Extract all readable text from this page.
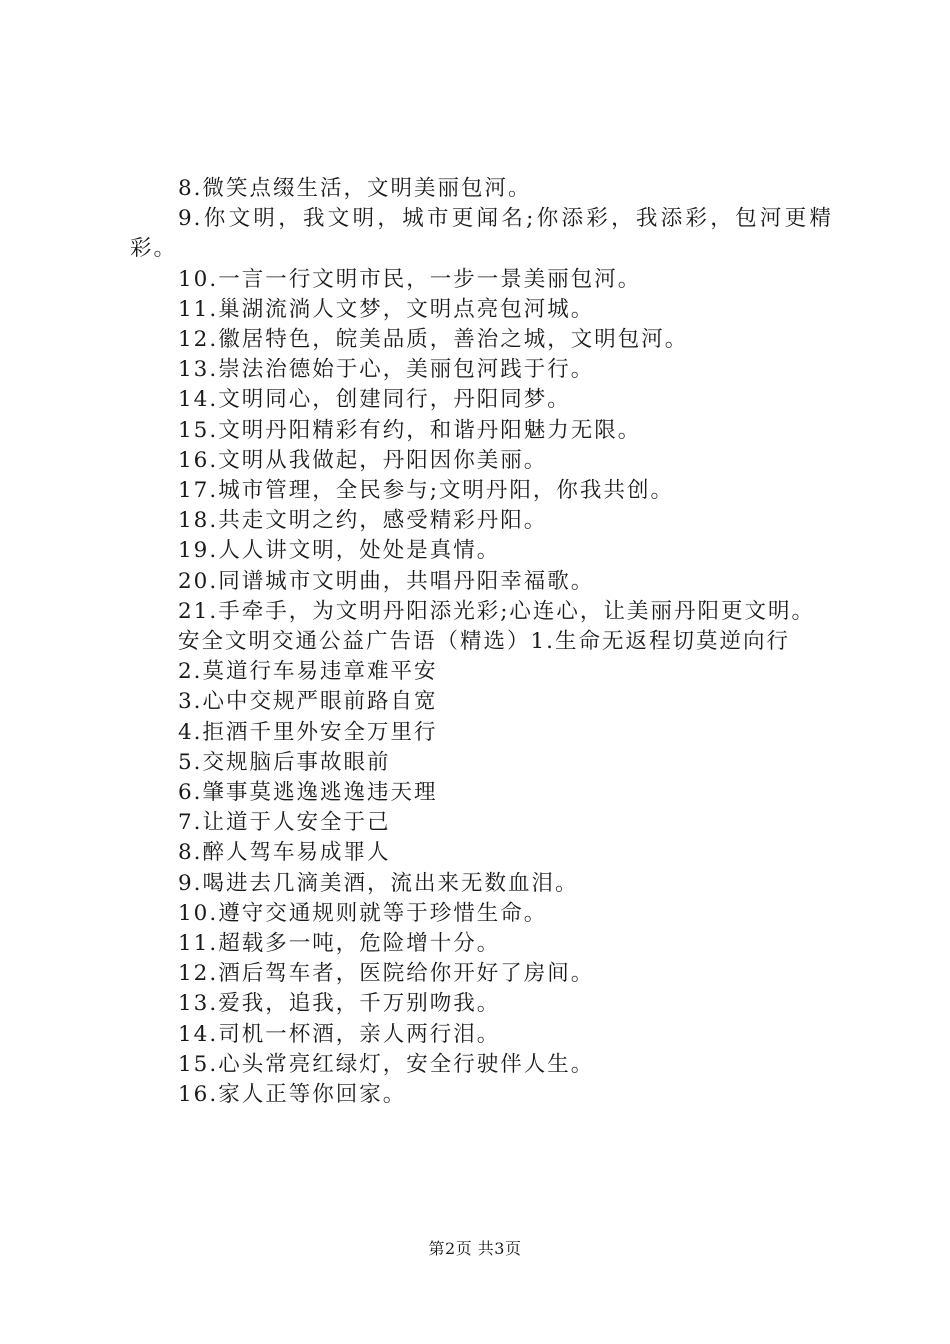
8.微笑点缀生活，文明美丽包河。

9.你文明，我文明，城市更闻名;你添彩，我添彩，包河更精彩。

10.一言一行文明市民，一步一景美丽包河。

11.巢湖流淌人文梦，文明点亮包河城。

12.徽居特色，皖美品质，善治之城，文明包河。

13.崇法治德始于心，美丽包河践于行。

14.文明同心，创建同行，丹阳同梦。

15.文明丹阳精彩有约，和谐丹阳魅力无限。

16.文明从我做起，丹阳因你美丽。

17.城市管理，全民参与;文明丹阳，你我共创。

18.共走文明之约，感受精彩丹阳。

19.人人讲文明，处处是真情。

20.同谱城市文明曲，共唱丹阳幸福歌。

21.手牵手，为文明丹阳添光彩;心连心，让美丽丹阳更文明。

安全文明交通公益广告语（精选）1.生命无返程切莫逆向行

2.莫道行车易违章难平安

3.心中交规严眼前路自宽

4.拒酒千里外安全万里行

5.交规脑后事故眼前

6.肇事莫逃逸逃逸违天理

7.让道于人安全于己

8.醉人驾车易成罪人

9.喝进去几滴美酒，流出来无数血泪。

10.遵守交通规则就等于珍惜生命。

11.超载多一吨，危险增十分。

12.酒后驾车者，医院给你开好了房间。

13.爱我，追我，千万别吻我。

14.司机一杯酒，亲人两行泪。

15.心头常亮红绿灯，安全行驶伴人生。

16.家人正等你回家。

第2页 共3页
